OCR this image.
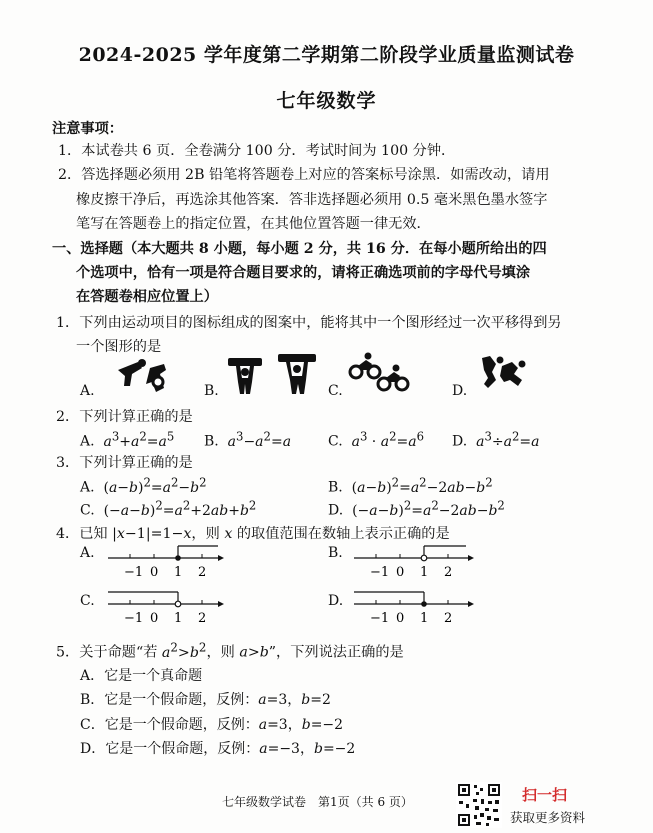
2024-2025 学年度第二学期第二阶段学业质量监测试卷
七年级数学
注意事项：
1．本试卷共 6 页．全卷满分 100 分．考试时间为 100 分钟．
2．答选择题必须用 2B 铅笔将答题卷上对应的答案标号涂黑．如需改动，请用
橡皮擦干净后，再选涂其他答案．答非选择题必须用 0.5 毫米黑色墨水签字
笔写在答题卷上的指定位置，在其他位置答题一律无效．
一、选择题（本大题共 8 小题，每小题 2 分，共 16 分．在每小题所给出的四
个选项中，恰有一项是符合题目要求的，请将正确选项前的字母代号填涂
在答题卷相应位置上）
1．下列由运动项目的图标组成的图案中，能将其中一个图形经过一次平移得到另
一个图形的是
A.	B.	C.	D.
2．下列计算正确的是
A. $a^3+a^2=a^5$ B. $a^3-a^2=a$	C. $a^3 \cdot a^2=a^6$ D. $a^3\div a^2=a$
3．下列计算正确的是
A.  $(a-b)^2=a^2-b^2$	B.  $(a-b)^2=a^2-2ab-b^2$
C.  $(-a-b)^2=a^2+2ab+b^2$	D.  $(-a-b)^2=a^2-2ab-b^2$
4．已知 |x−1|=1−x，则 x 的取值范围在数轴上表示正确的是
A.
−1 0 1 2
B.
−1 0 1 2
C.
−1 0 1 2
D.
−1 0 1 2
5．关于命题“若 $a^2>b^2$，则 a>b”，下列说法正确的是
A．它是一个真命题
B．它是一个假命题，反例：a=3，b=2
C．它是一个假命题，反例：a=3，b=−2
D．它是一个假命题，反例：a=−3，b=−2
七年级数学试卷　第1页（共 6 页）	扫一扫
获取更多资料
